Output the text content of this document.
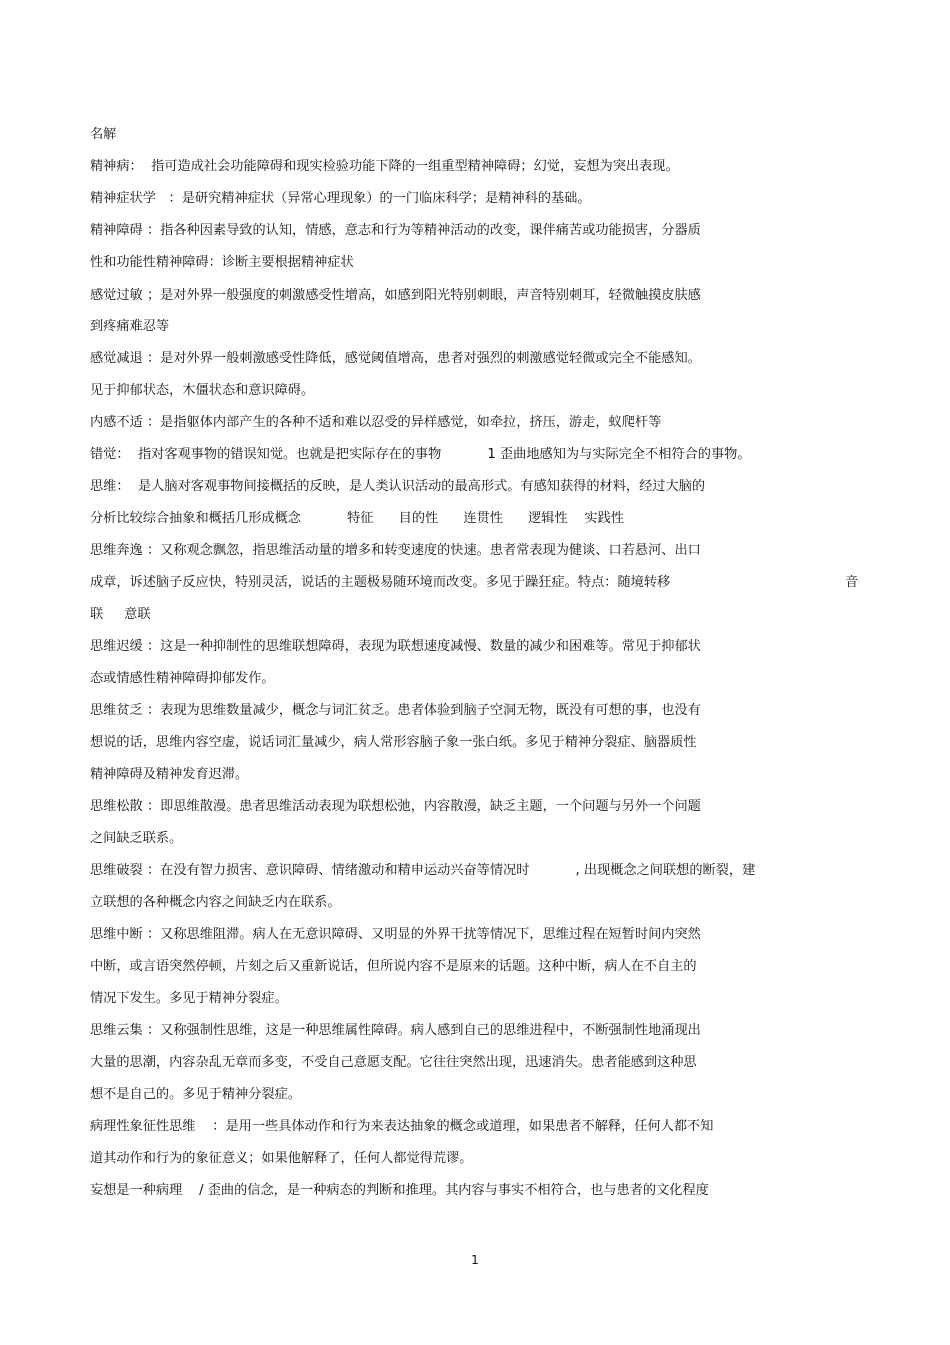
名解
精神病：  指可造成社会功能障碍和现实检验功能下降的一组重型精神障碍；幻觉，妄想为突出表现。
精神症状学   ：是研究精神症状（异常心理现象）的一门临床科学；是精神科的基础。
精神障碍 ：指各种因素导致的认知，情感，意志和行为等精神活动的改变，课伴痛苦或功能损害，分器质
性和功能性精神障碍：诊断主要根据精神症状
感觉过敏 ；是对外界一般强度的刺激感受性增高，如感到阳光特别刺眼，声音特别刺耳，轻微触摸皮肤感
到疼痛难忍等
感觉减退 ：是对外界一般刺激感受性降低，感觉阈值增高，患者对强烈的刺激感觉轻微或完全不能感知。
见于抑郁状态，木僵状态和意识障碍。
内感不适 ：是指躯体内部产生的各种不适和难以忍受的异样感觉，如牵拉，挤压，游走，蚁爬杆等
错觉：  指对客观事物的错误知觉。也就是把实际存在的事物           1 歪曲地感知为与实际完全不相符合的事物。
思维：  是人脑对客观事物间接概括的反映，是人类认识活动的最高形式。有感知获得的材料，经过大脑的
分析比较综合抽象和概括几形成概念           特征      目的性      连贯性      逻辑性    实践性
思维奔逸 ：又称观念飘忽，指思维活动量的增多和转变速度的快速。患者常表现为健谈、口若悬河、出口
成章，诉述脑子反应快，特别灵活，说话的主题极易随环境而改变。多见于躁狂症。特点：随境转移	音
联     意联
思维迟缓 ：这是一种抑制性的思维联想障碍，表现为联想速度减慢、数量的减少和困难等。常见于抑郁状
态或情感性精神障碍抑郁发作。
思维贫乏 ：表现为思维数量减少，概念与词汇贫乏。患者体验到脑子空洞无物，既没有可想的事，也没有
想说的话，思维内容空虚，说话词汇量减少，病人常形容脑子象一张白纸。多见于精神分裂症、脑器质性
精神障碍及精神发育迟滞。
思维松散 ：即思维散漫。患者思维活动表现为联想松弛，内容散漫，缺乏主题，一个问题与另外一个问题
之间缺乏联系。
思维破裂 ：在没有智力损害、意识障碍、情绪激动和精申运动兴奋等情况时           , 出现概念之间联想的断裂，建
立联想的各种概念内容之间缺乏内在联系。
思维中断 ：又称思维阻滞。病人在无意识障碍、又明显的外界干扰等情况下，思维过程在短暂时间内突然
中断，或言语突然停顿，片刻之后又重新说话，但所说内容不是原来的话题。这种中断，病人在不自主的
情况下发生。多见于精神分裂症。
思维云集 ：又称强制性思维，这是一种思维属性障碍。病人感到自己的思维进程中，不断强制性地涌现出
大量的思潮，内容杂乱无章而多变，不受自己意愿支配。它往往突然出现，迅速消失。患者能感到这种思
想不是自己的。多见于精神分裂症。
病理性象征性思维    ：是用一些具体动作和行为来表达抽象的概念或道理，如果患者不解释，任何人都不知
道其动作和行为的象征意义；如果他解释了，任何人都觉得荒谬。
妄想是一种病理    / 歪曲的信念，是一种病态的判断和推理。其内容与事实不相符合，也与患者的文化程度
1
